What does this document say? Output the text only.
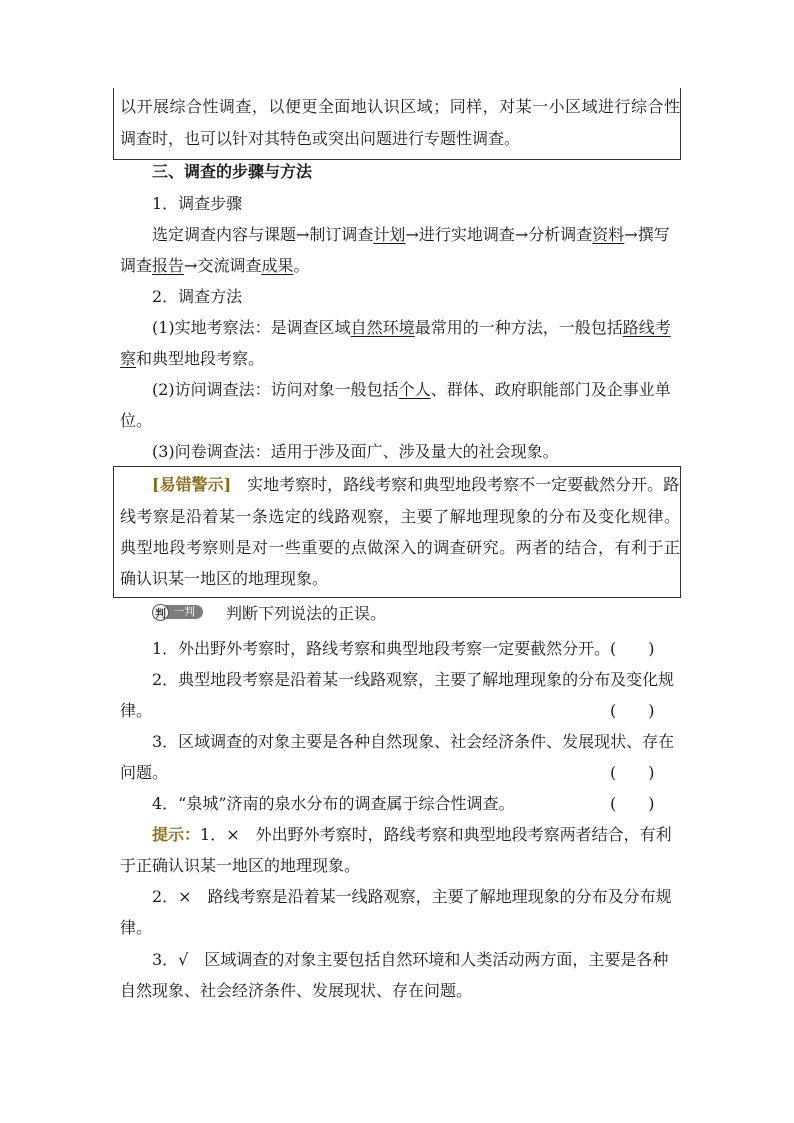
以开展综合性调查，以便更全面地认识区域；同样，对某一小区域进行综合性
调查时，也可以针对其特色或突出问题进行专题性调查。
三、调查的步骤与方法
1．调查步骤
选定调查内容与课题→制订调查计划→进行实地调查→分析调查资料→撰写
调查报告→交流调查成果。
2．调查方法
(1)实地考察法：是调查区域自然环境最常用的一种方法，一般包括路线考
察和典型地段考察。
(2)访问调查法：访问对象一般包括个人、群体、政府职能部门及企事业单
位。
(3)问卷调查法：适用于涉及面广、涉及量大的社会现象。
[易错警示]　 实地考察时，路线考察和典型地段考察不一定要截然分开。路
线考察是沿着某一条选定的线路观察，主要了解地理现象的分布及变化规律。
典型地段考察则是对一些重要的点做深入的调查研究。两者的结合，有利于正
确认识某一地区的地理现象。
判 一判	判断下列说法的正误。
1．外出野外考察时，路线考察和典型地段考察一定要截然分开。 (　　)
2．典型地段考察是沿着某一线路观察，主要了解地理现象的分布及变化规
律。	(　　)
3．区域调查的对象主要是各种自然现象、社会经济条件、发展现状、存在
问题。	(　　)
4．“泉城”济南的泉水分布的调查属于综合性调查。	(　　)
提示：1．×　外出野外考察时，路线考察和典型地段考察两者结合，有利
于正确认识某一地区的地理现象。
2．×　路线考察是沿着某一线路观察，主要了解地理现象的分布及分布规
律。
3．√　区域调查的对象主要包括自然环境和人类活动两方面，主要是各种
自然现象、社会经济条件、发展现状、存在问题。
